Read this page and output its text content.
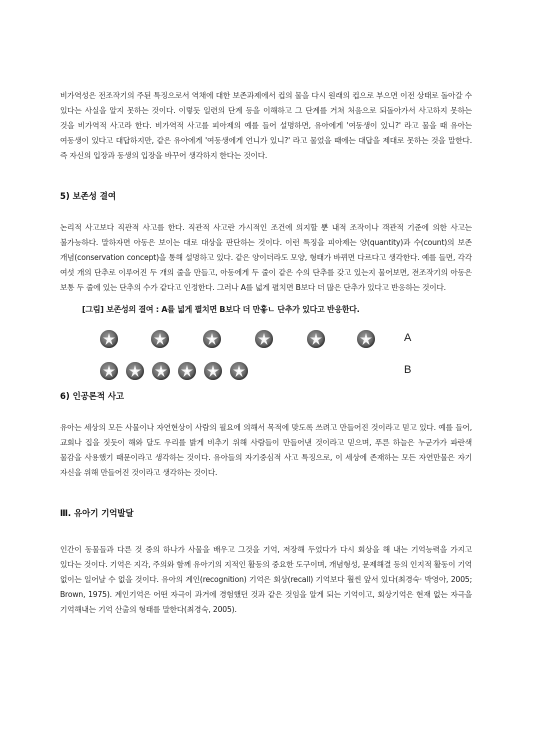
비가역성은 전조작기의 주된 특징으로서 역채에 대한 보존과제에서 컵의 물을 다시 원래의 컵으로 부으면 이전 상태로 돌아갈 수 있다는 사실을 알지 못하는 것이다. 이렇듯 일련의 단계 등을 이해하고 그 단계를 거쳐 처음으로 되돌아가서 사고하지 못하는 것을 비가역적 사고라 한다. 비가역적 사고를 피아제의 예를 들어 설명하면, 유아에게 '여동생이 있니?' 라고 물을 때 유아는 여동생이 있다고 대답하지만, 같은 유아에게 '여동생에게 언니가 있니?' 라고 물었을 때에는 대답을 제대로 못하는 것을 말한다. 즉 자신의 입장과 동생의 입장을 바꾸어 생각하지 한다는 것이다.

5) 보존성 결여

논리적 사고보다 직관적 사고를 한다. 직관적 사고란 가시적인 조건에 의지할 뿐 내적 조작이나 객관적 기준에 의한 사고는 불가능하다. 말하자면 아동은 보이는 대로 대상을 판단하는 것이다. 이런 특징을 피아제는 양(quantity)과 수(count)의 보존 개념(conservation concept)을 통해 설명하고 있다. 같은 양이더라도 모양, 형태가 바뀌면 다르다고 생각한다. 예를 들면, 각각 여섯 개의 단추로 이루어진 두 개의 줄을 만들고, 아동에게 두 줄이 같은 수의 단추를 갖고 있는지 물어보면, 전조작기의 아동은 보통 두 줄에 있는 단추의 수가 같다고 인정한다. 그러나 A를 넓게 펼치면 B보다 더 많은 단추가 있다고 반응하는 것이다.

[그림] 보존성의 결여 : A를 넓게 펼치면 B보다 더 만홓ㄴ 단추가 있다고 반응한다.
A
B
6) 인공론적 사고

유아는 세상의 모든 사물이나 자연현상이 사람의 필요에 의해서 목적에 맞도록 쓰려고 만들어진 것이라고 믿고 있다. 예를 들어, 교회나 집을 짓듯이 해와 달도 우리를 밝게 비추기 위해 사람들이 만들어낸 것이라고 믿으며, 푸른 하늘은 누군가가 파란색 물감을 사용했기 때문이라고 생각하는 것이다. 유아들의 자기중심적 사고 특징으로, 이 세상에 존재하는 모든 자연만물은 자기 자신을 위해 만들어진 것이라고 생각하는 것이다.

Ⅲ. 유아기 기억발달

인간이 동물들과 다른 것 중의 하나가 사물을 배우고 그것을 기억, 저장해 두었다가 다시 회상을 해 내는 기억능력을 가지고 있다는 것이다. 기억은 지각, 주의와 함께 유아기의 지적인 활동의 중요한 도구이며, 개념형성, 문제해결 등의 인지적 활동이 기억 없이는 일어날 수 없을 것이다. 유아의 계인(recognition) 기억은 회상(recall) 기억보다 훨씬 앞서 있다(최경숙· 박영아, 2005; Brown, 1975). 계인기억은 어떤 자극이 과거에 경험했던 것과 같은 것임을 알게 되는 기억이고, 회상기억은 현재 없는 자극을 기억해내는 기억 산출의 형태를 말한다(최경숙, 2005).
